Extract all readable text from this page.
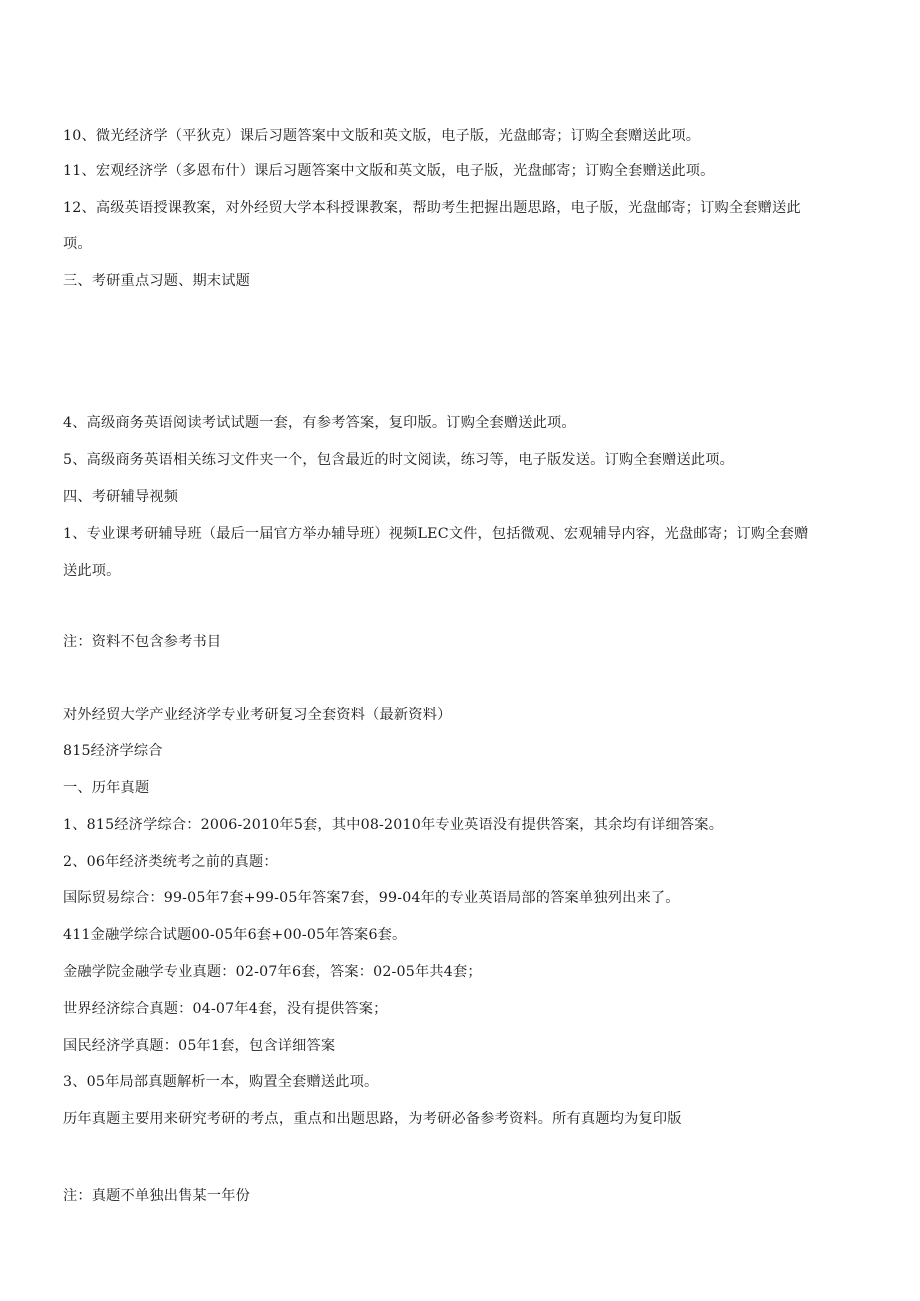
10、微光经济学（平狄克）课后习题答案中文版和英文版，电子版，光盘邮寄；订购全套赠送此项。
11、宏观经济学（多恩布什）课后习题答案中文版和英文版，电子版，光盘邮寄；订购全套赠送此项。
12、高级英语授课教案，对外经贸大学本科授课教案，帮助考生把握出题思路，电子版，光盘邮寄；订购全套赠送此
项。
三、考研重点习题、期末试题
4、高级商务英语阅读考试试题一套，有参考答案，复印版。订购全套赠送此项。
5、高级商务英语相关练习文件夹一个，包含最近的时文阅读，练习等，电子版发送。订购全套赠送此项。
四、考研辅导视频
1、专业课考研辅导班（最后一届官方举办辅导班）视频LEC文件，包括微观、宏观辅导内容，光盘邮寄；订购全套赠
送此项。
注：资料不包含参考书目
对外经贸大学产业经济学专业考研复习全套资料（最新资料）
815经济学综合
一、历年真题
1、815经济学综合：2006-2010年5套，其中08-2010年专业英语没有提供答案，其余均有详细答案。
2、06年经济类统考之前的真题：
国际贸易综合：99-05年7套+99-05年答案7套，99-04年的专业英语局部的答案单独列出来了。
411金融学综合试题00-05年6套+00-05年答案6套。
金融学院金融学专业真题：02-07年6套，答案：02-05年共4套；
世界经济综合真题：04-07年4套，没有提供答案；
国民经济学真题：05年1套，包含详细答案
3、05年局部真题解析一本，购置全套赠送此项。
历年真题主要用来研究考研的考点，重点和出题思路，为考研必备参考资料。所有真题均为复印版
注：真题不单独出售某一年份
